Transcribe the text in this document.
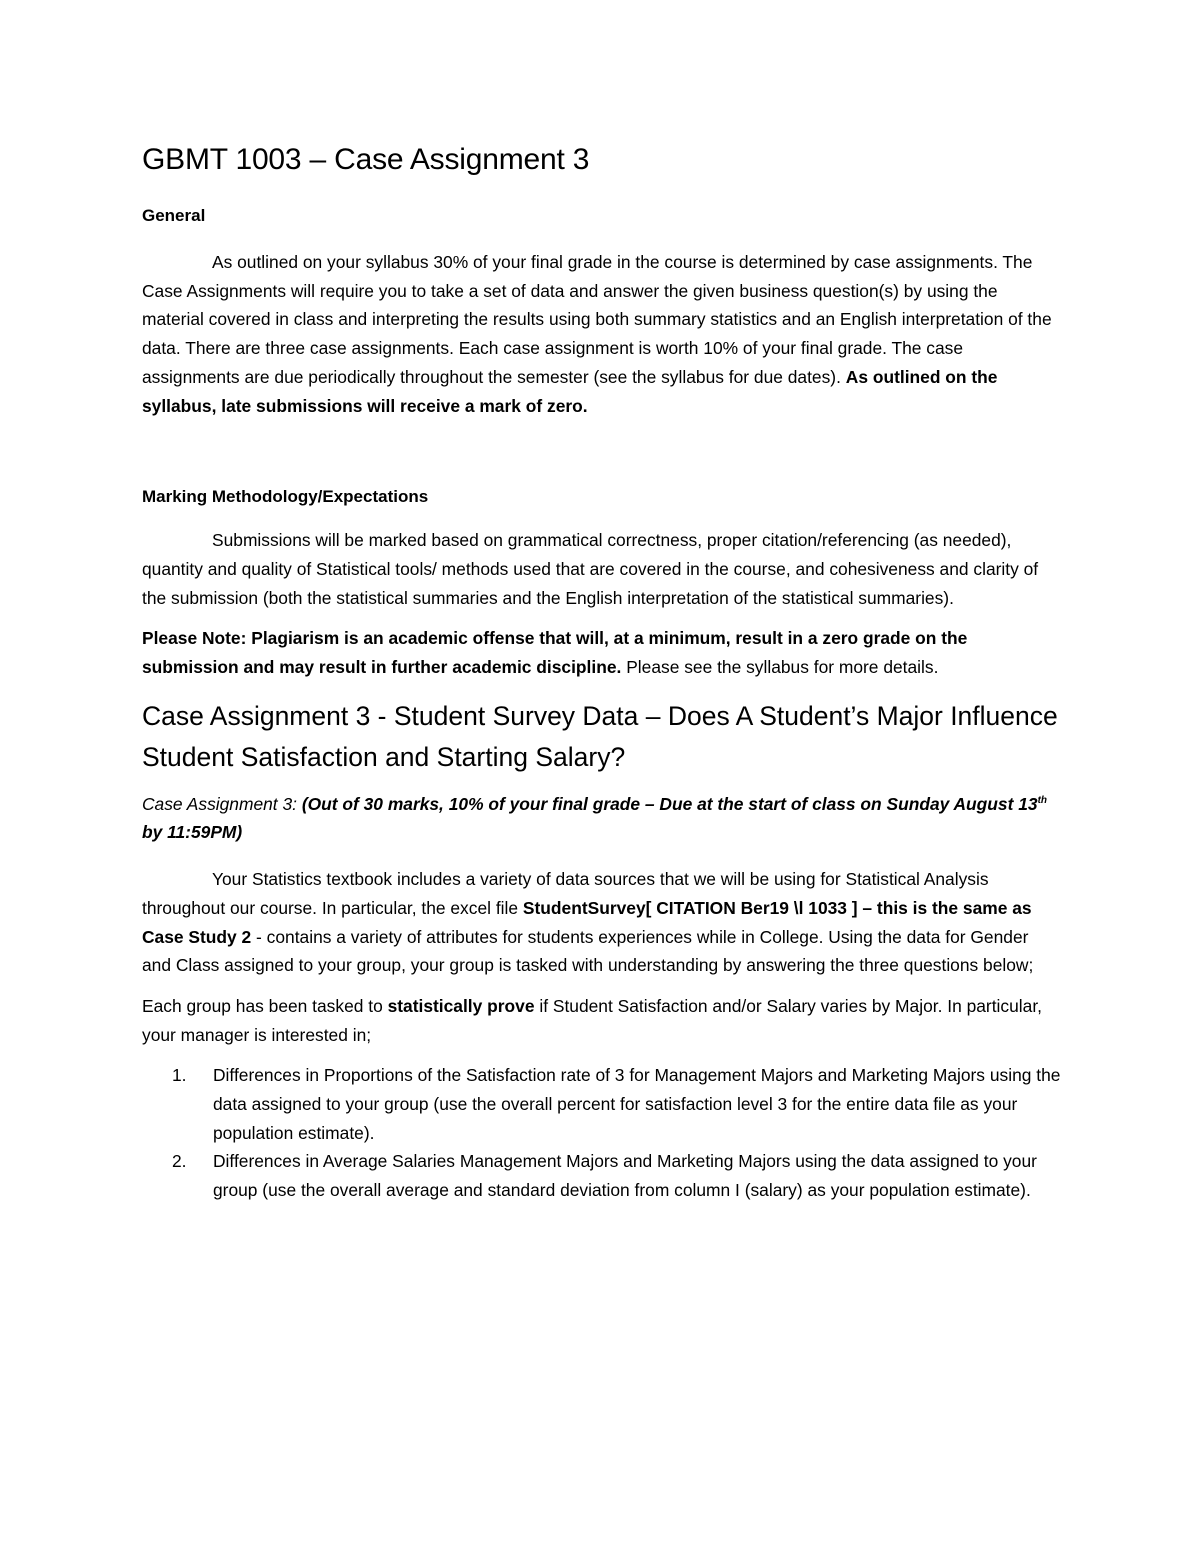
GBMT 1003 – Case Assignment 3

General

As outlined on your syllabus 30% of your final grade in the course is determined by case assignments. The Case Assignments will require you to take a set of data and answer the given business question(s) by using the material covered in class and interpreting the results using both summary statistics and an English interpretation of the data. There are three case assignments. Each case assignment is worth 10% of your final grade. The case assignments are due periodically throughout the semester (see the syllabus for due dates). As outlined on the syllabus, late submissions will receive a mark of zero.

Marking Methodology/Expectations

Submissions will be marked based on grammatical correctness, proper citation/referencing (as needed), quantity and quality of Statistical tools/ methods used that are covered in the course, and cohesiveness and clarity of the submission (both the statistical summaries and the English interpretation of the statistical summaries).

Please Note: Plagiarism is an academic offense that will, at a minimum, result in a zero grade on the submission and may result in further academic discipline. Please see the syllabus for more details.

Case Assignment 3 - Student Survey Data – Does A Student’s Major Influence Student Satisfaction and Starting Salary?

Case Assignment 3: (Out of 30 marks, 10% of your final grade – Due at the start of class on Sunday August 13th by 11:59PM)

Your Statistics textbook includes a variety of data sources that we will be using for Statistical Analysis throughout our course. In particular, the excel file StudentSurvey[ CITATION Ber19 \l 1033 ] – this is the same as Case Study 2 - contains a variety of attributes for students experiences while in College. Using the data for Gender and Class assigned to your group, your group is tasked with understanding by answering the three questions below;

Each group has been tasked to statistically prove if Student Satisfaction and/or Salary varies by Major. In particular, your manager is interested in;

1.	Differences in Proportions of the Satisfaction rate of 3 for Management Majors and Marketing Majors using the data assigned to your group (use the overall percent for satisfaction level 3 for the entire data file as your population estimate).
2.	Differences in Average Salaries Management Majors and Marketing Majors using the data assigned to your group (use the overall average and standard deviation from column I (salary) as your population estimate).
